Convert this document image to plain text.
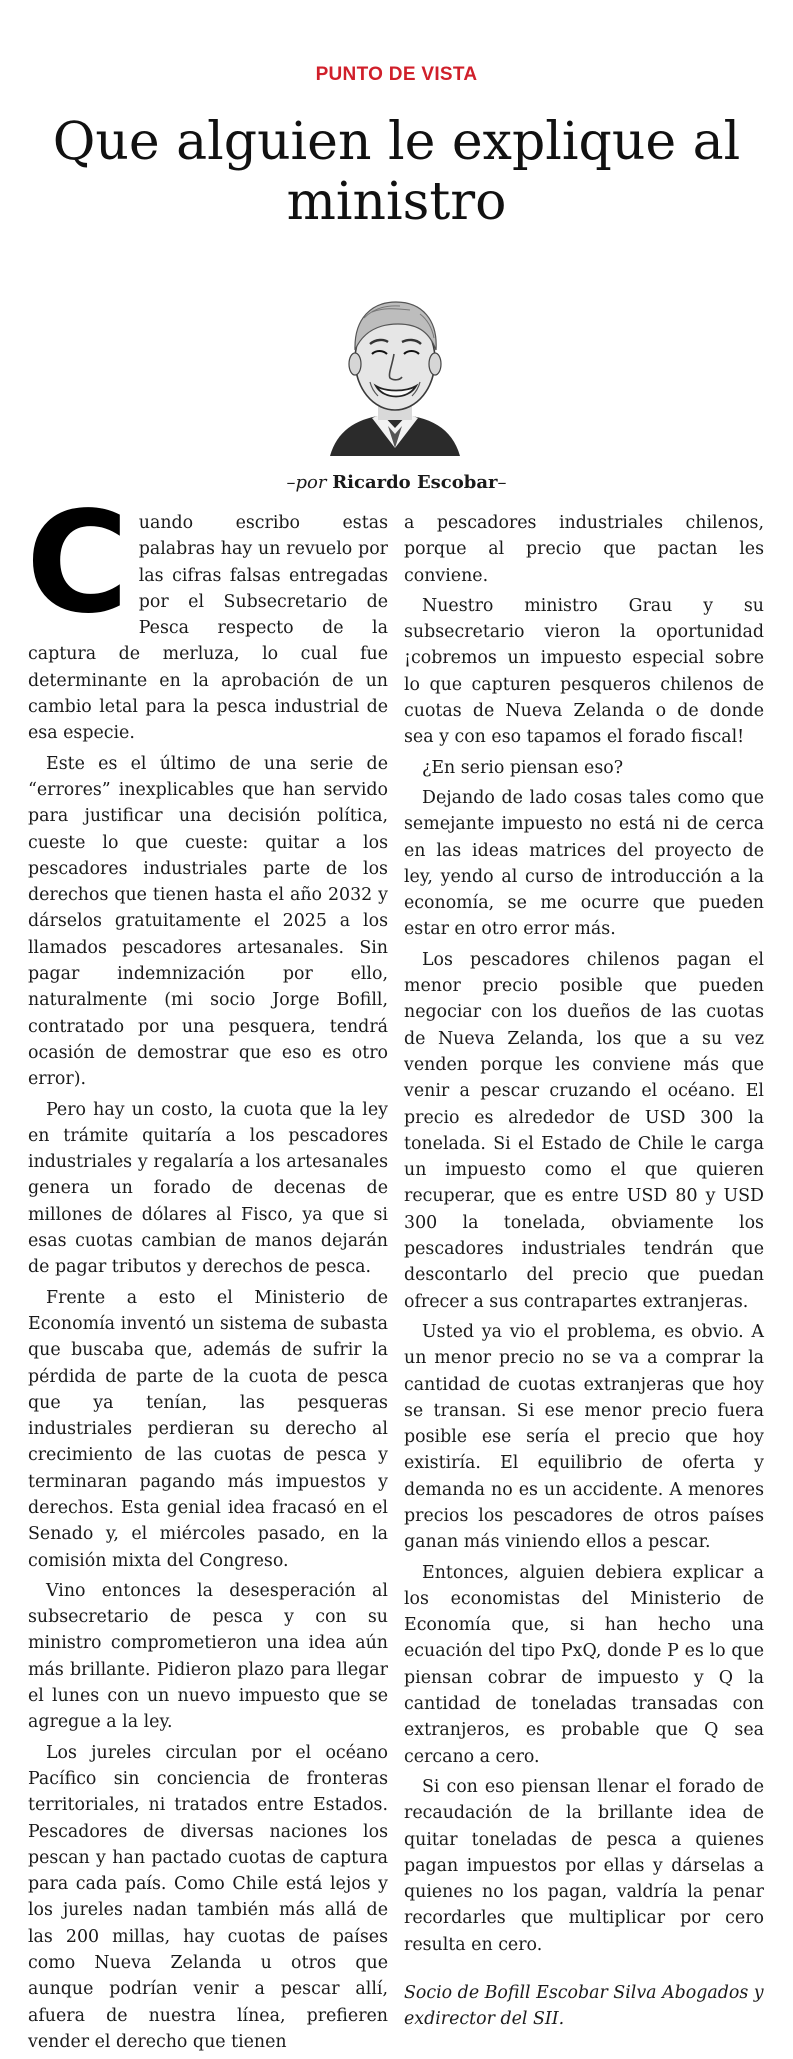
PUNTO DE VISTA
Que alguien le explique al ministro
–por Ricardo Escobar–

Cuando escribo estas palabras hay un revuelo por las cifras falsas entregadas por el Subsecretario de Pesca respecto de la captura de merluza, lo cual fue determinante en la aprobación de un cambio letal para la pesca industrial de esa especie.

Este es el último de una serie de “errores” inexplicables que han servido para justificar una decisión política, cueste lo que cueste: quitar a los pescadores industriales parte de los derechos que tienen hasta el año 2032 y dárselos gratuitamente el 2025 a los llamados pescadores artesanales. Sin pagar indemnización por ello, naturalmente (mi socio Jorge Bofill, contratado por una pesquera, tendrá ocasión de demostrar que eso es otro error).

Pero hay un costo, la cuota que la ley en trámite quitaría a los pescadores industriales y regalaría a los artesanales genera un forado de decenas de millones de dólares al Fisco, ya que si esas cuotas cambian de manos dejarán de pagar tributos y derechos de pesca.

Frente a esto el Ministerio de Economía inventó un sistema de subasta que buscaba que, además de sufrir la pérdida de parte de la cuota de pesca que ya tenían, las pesqueras industriales perdieran su derecho al crecimiento de las cuotas de pesca y terminaran pagando más impuestos y derechos. Esta genial idea fracasó en el Senado y, el miércoles pasado, en la comisión mixta del Congreso.

Vino entonces la desesperación al subsecretario de pesca y con su ministro comprometieron una idea aún más brillante. Pidieron plazo para llegar el lunes con un nuevo impuesto que se agregue a la ley.

Los jureles circulan por el océano Pacífico sin conciencia de fronteras territoriales, ni tratados entre Estados. Pescadores de diversas naciones los pescan y han pactado cuotas de captura para cada país. Como Chile está lejos y los jureles nadan también más allá de las 200 millas, hay cuotas de países como Nueva Zelanda u otros que aunque podrían venir a pescar allí, afuera de nuestra línea, prefieren vender el derecho que tienen

a pescadores industriales chilenos, porque al precio que pactan les conviene.

Nuestro ministro Grau y su subsecretario vieron la oportunidad ¡cobremos un impuesto especial sobre lo que capturen pesqueros chilenos de cuotas de Nueva Zelanda o de donde sea y con eso tapamos el forado fiscal!

¿En serio piensan eso?

Dejando de lado cosas tales como que semejante impuesto no está ni de cerca en las ideas matrices del proyecto de ley, yendo al curso de introducción a la economía, se me ocurre que pueden estar en otro error más.

Los pescadores chilenos pagan el menor precio posible que pueden negociar con los dueños de las cuotas de Nueva Zelanda, los que a su vez venden porque les conviene más que venir a pescar cruzando el océano. El precio es alrededor de USD 300 la tonelada. Si el Estado de Chile le carga un impuesto como el que quieren recuperar, que es entre USD 80 y USD 300 la tonelada, obviamente los pescadores industriales tendrán que descontarlo del precio que puedan ofrecer a sus contrapartes extranjeras.

Usted ya vio el problema, es obvio. A un menor precio no se va a comprar la cantidad de cuotas extranjeras que hoy se transan. Si ese menor precio fuera posible ese sería el precio que hoy existiría. El equilibrio de oferta y demanda no es un accidente. A menores precios los pescadores de otros países ganan más viniendo ellos a pescar.

Entonces, alguien debiera explicar a los economistas del Ministerio de Economía que, si han hecho una ecuación del tipo PxQ, donde P es lo que piensan cobrar de impuesto y Q la cantidad de toneladas transadas con extranjeros, es probable que Q sea cercano a cero.

Si con eso piensan llenar el forado de recaudación de la brillante idea de quitar toneladas de pesca a quienes pagan impuestos por ellas y dárselas a quienes no los pagan, valdría la penar recordarles que multiplicar por cero resulta en cero.

Socio de Bofill Escobar Silva Abogados y exdirector del SII.
